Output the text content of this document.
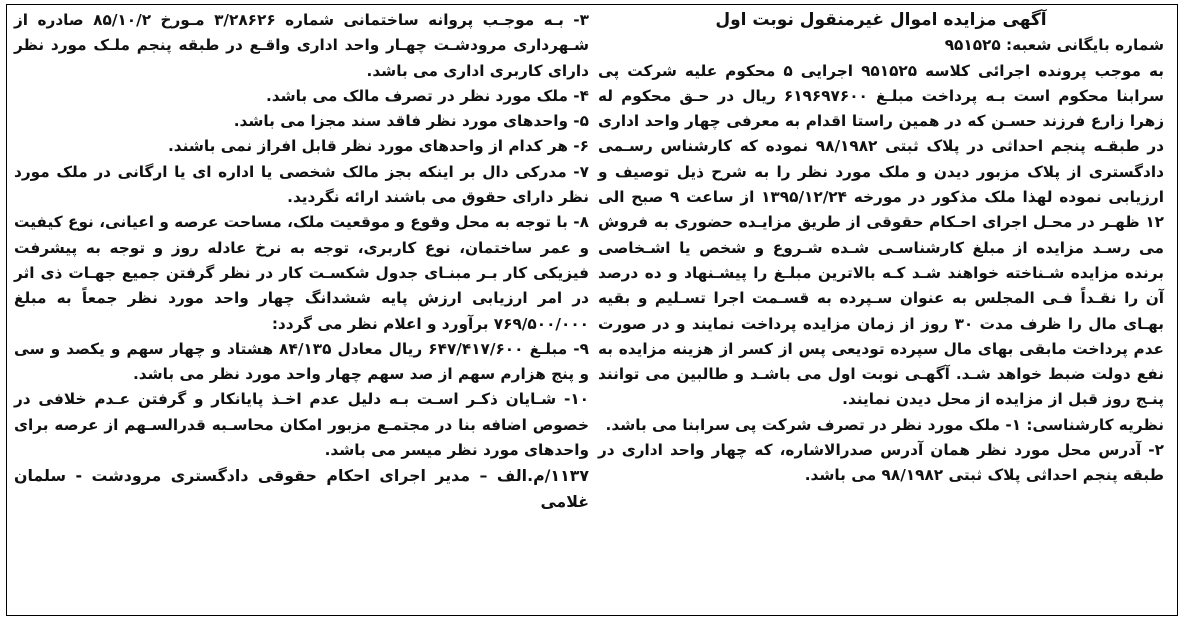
آگهی مزایده اموال غیرمنقول نوبت اول

شماره بایگانی شعبه: ۹۵۱۵۲۵

به موجب پرونده اجرائی کلاسه ۹۵۱۵۲۵ اجرایی ۵ محکوم علیه شرکت پی سرابنا محکوم است بـه پرداخت مبلـغ ۶۱۹۶۹۷۶۰۰ ریال در حـق محکوم له زهرا زارع فرزند حسـن که در همین راستا اقدام به معرفی چهار واحد اداری در طبقـه پنجم احداثی در پلاک ثبتی ۹۸/۱۹۸۲ نموده که کارشناس رسـمی دادگستری از پلاک مزبور دیدن و ملک مورد نظر را به شرح ذیل توصیف و ارزیابی نموده لهذا ملک مذکور در مورخه ۱۳۹۵/۱۲/۲۴ از ساعت ۹ صبح الی ۱۲ ظهـر در محـل اجرای احـکام حقوقی از طریق مزایـده حضوری به فروش می رسـد مزایده از مبلغ کارشناسـی شـده شـروع و شخص یا اشـخاصی برنده مزایده شـناخته خواهند شـد کـه بالاترین مبلـغ را پیشـنهاد و ده درصد آن را نقـداً فـی المجلس به عنوان سـپرده به قسـمت اجرا تسـلیم و بقیه بهـای مال را ظرف مدت ۳۰ روز از زمان مزایده پرداخت نمایند و در صورت عدم پرداخت مابقی بهای مال سپرده تودیعی پس از کسر از هزینه مزایده به نفع دولت ضبط خواهد شـد. آگهـی نوبت اول می باشـد و طالبین می توانند پنـج روز قبل از مزایده از محل دیدن نمایند.

نظریه کارشناسی: ۱- ملک مورد نظر در تصرف شرکت پی سرابنا می باشد.

۲- آدرس محل مورد نظر همان آدرس صدرالاشاره، که چهار واحد اداری در طبقه پنجم احداثی پلاک ثبتی ۹۸/۱۹۸۲ می باشد.

۳- بـه موجـب پروانه ساختمانی شماره ۳/۲۸۶۲۶ مـورخ ۸۵/۱۰/۲ صادره از شـهرداری مرودشـت چهـار واحد اداری واقـع در طبقه پنجم ملـک مورد نظر دارای کاربری اداری می باشد.

۴- ملک مورد نظر در تصرف مالک می باشد.

۵- واحدهای مورد نظر فاقد سند مجزا می باشد.

۶- هر کدام از واحدهای مورد نظر قابل افراز نمی باشند.

۷- مدرکی دال بر اینکه بجز مالک شخصی یا اداره ای یا ارگانی در ملک مورد نظر دارای حقوق می باشند ارائه نگردید.

۸- با توجه به محل وقوع و موقعیت ملک، مساحت عرصه و اعیانی، نوع کیفیت و عمر ساختمان، نوع کاربری، توجه به نرخ عادله روز و توجه به پیشرفت فیزیکی کار بـر مبنـای جدول شکسـت کار در نظر گرفتن جمیع جهـات ذی اثر در امر ارزیابی ارزش پایه ششدانگ چهار واحد مورد نظر جمعاً به مبلغ ۷۶۹/۵۰۰/۰۰۰ برآورد و اعلام نظر می گردد:

۹- مبلـغ ۶۴۷/۴۱۷/۶۰۰ ریال معادل ۸۴/۱۳۵ هشتاد و چهار سهم و یکصد و سی و پنج هزارم سهم از صد سهم چهار واحد مورد نظر می باشد.

۱۰- شـایان ذکـر اسـت بـه دلیل عدم اخـذ پایانکار و گرفتن عـدم خلافی در خصوص اضافه بنا در مجتمـع مزبور امکان محاسـبه قدرالسـهم از عرصه برای واحدهای مورد نظر میسر می باشد.

۱۱۳۷/م.الف – مدیر اجرای احکام حقوقی دادگستری مرودشت - سلمان غلامی
